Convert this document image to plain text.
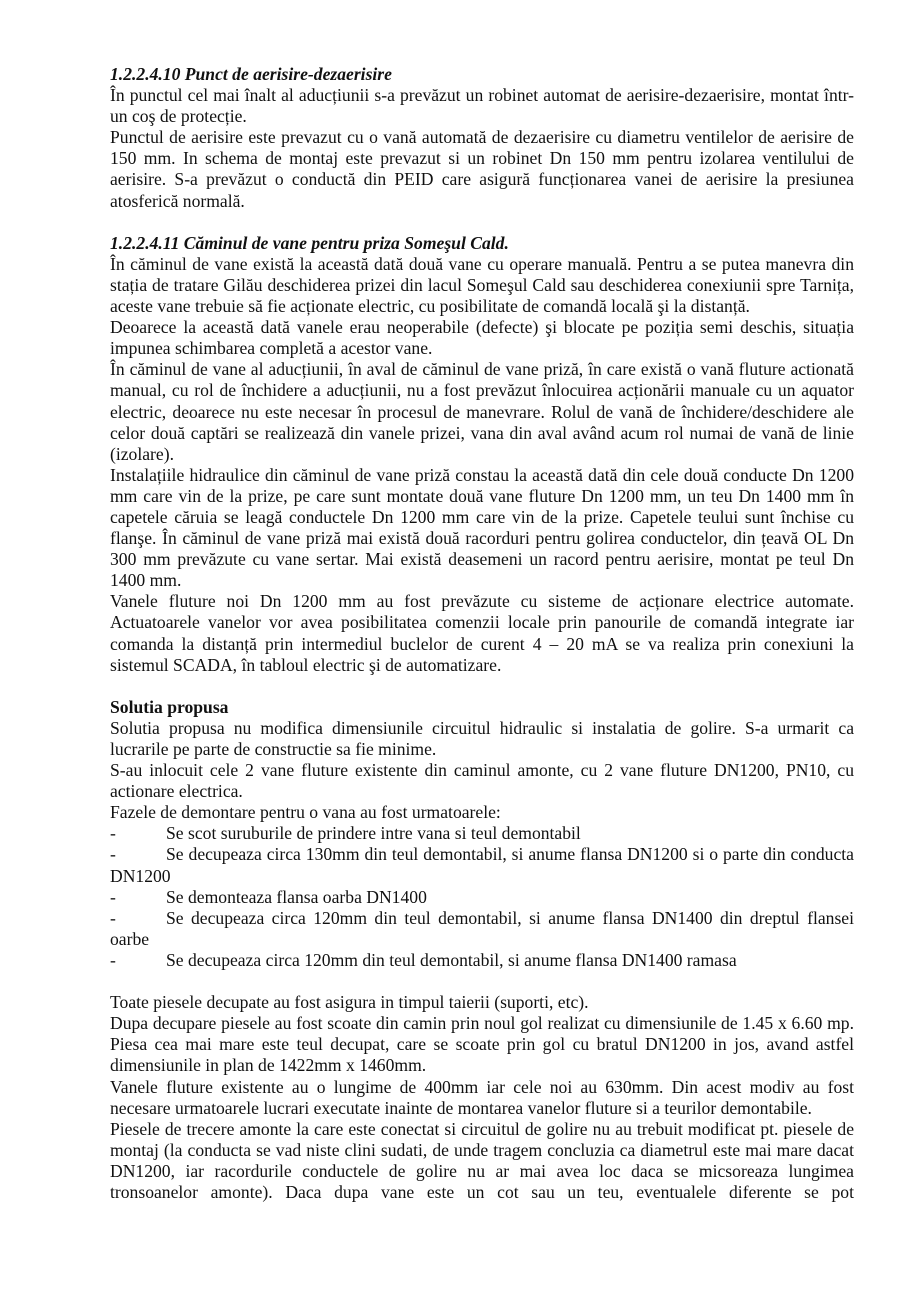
1.2.2.4.10 Punct de aerisire-dezaerisire

În punctul cel mai înalt al aducțiunii s-a prevăzut un robinet automat de aerisire-dezaerisire, montat într-un coş de protecție.

Punctul de aerisire este prevazut cu o vană automată de dezaerisire cu diametru ventilelor de aerisire de 150 mm. In schema de montaj este prevazut si un robinet Dn 150 mm pentru izolarea ventilului de aerisire. S-a prevăzut o conductă din PEID care asigură funcționarea vanei de aerisire la presiunea atosferică normală.

1.2.2.4.11 Căminul de vane pentru priza Someşul Cald.

În căminul de vane există la această dată două vane cu operare manuală. Pentru a se putea manevra din stația de tratare Gilău deschiderea prizei din lacul Someşul Cald sau deschiderea conexiunii spre Tarnița, aceste vane trebuie să fie acționate electric, cu posibilitate de comandă locală şi la distanță.

Deoarece la această dată vanele erau neoperabile (defecte) şi blocate pe poziția semi deschis, situația impunea schimbarea completă a acestor vane.

În căminul de vane al aducțiunii, în aval de căminul de vane priză, în care există o vană fluture actionată manual, cu rol de închidere a aducțiunii, nu a fost prevăzut înlocuirea acționării manuale cu un aquator electric, deoarece nu este necesar în procesul de manevrare. Rolul de vană de închidere/deschidere ale celor două captări se realizează din vanele prizei, vana din aval având acum rol numai de vană de linie (izolare).

Instalațiile hidraulice din căminul de vane priză constau la această dată din cele două conducte Dn 1200 mm care vin de la prize, pe care sunt montate două vane fluture Dn 1200 mm, un teu Dn 1400 mm în capetele căruia se leagă conductele Dn 1200 mm care vin de la prize. Capetele teului sunt închise cu flanşe. În căminul de vane priză mai există două racorduri pentru golirea conductelor, din țeavă OL Dn 300 mm prevăzute cu vane sertar. Mai există deasemeni un racord pentru aerisire, montat pe teul Dn 1400 mm.

Vanele fluture noi Dn 1200 mm au fost prevăzute cu sisteme de acționare electrice automate. Actuatoarele vanelor vor avea posibilitatea comenzii locale prin panourile de comandă integrate iar comanda la distanță prin intermediul buclelor de curent 4 – 20 mA se va realiza prin conexiuni la sistemul SCADA, în tabloul electric şi de automatizare.

Solutia propusa

Solutia propusa nu modifica dimensiunile circuitul hidraulic si instalatia de golire. S-a urmarit ca lucrarile pe parte de constructie sa fie minime.

S-au inlocuit cele 2 vane fluture existente din caminul amonte, cu 2 vane fluture DN1200, PN10, cu actionare electrica.

Fazele de demontare pentru o vana au fost urmatoarele:

-	Se scot suruburile de prindere intre vana si teul demontabil

-	Se decupeaza circa 130mm din teul demontabil, si anume flansa DN1200 si o parte din conducta DN1200

-	Se demonteaza flansa oarba DN1400

-	Se decupeaza circa 120mm din teul demontabil, si anume flansa DN1400 din dreptul flansei oarbe

-	Se decupeaza circa 120mm din teul demontabil, si anume flansa DN1400 ramasa

Toate piesele decupate au fost asigura in timpul taierii (suporti, etc).

Dupa decupare piesele au fost scoate din camin prin noul gol realizat cu dimensiunile de 1.45 x 6.60 mp. Piesa cea mai mare este teul decupat, care se scoate prin gol cu bratul DN1200 in jos, avand astfel dimensiunile in plan de 1422mm x 1460mm.

Vanele fluture existente au o lungime de 400mm iar cele noi au 630mm. Din acest modiv au fost necesare urmatoarele lucrari executate inainte de montarea vanelor fluture si a teurilor demontabile.

Piesele de trecere amonte la care este conectat si circuitul de golire nu au trebuit modificat pt. piesele de montaj (la conducta se vad niste clini sudati, de unde tragem concluzia ca diametrul este mai mare dacat DN1200, iar racordurile conductele de golire nu ar mai avea loc daca se micsoreaza lungimea tronsoanelor amonte). Daca dupa vane este un cot sau un teu, eventualele diferente se pot
